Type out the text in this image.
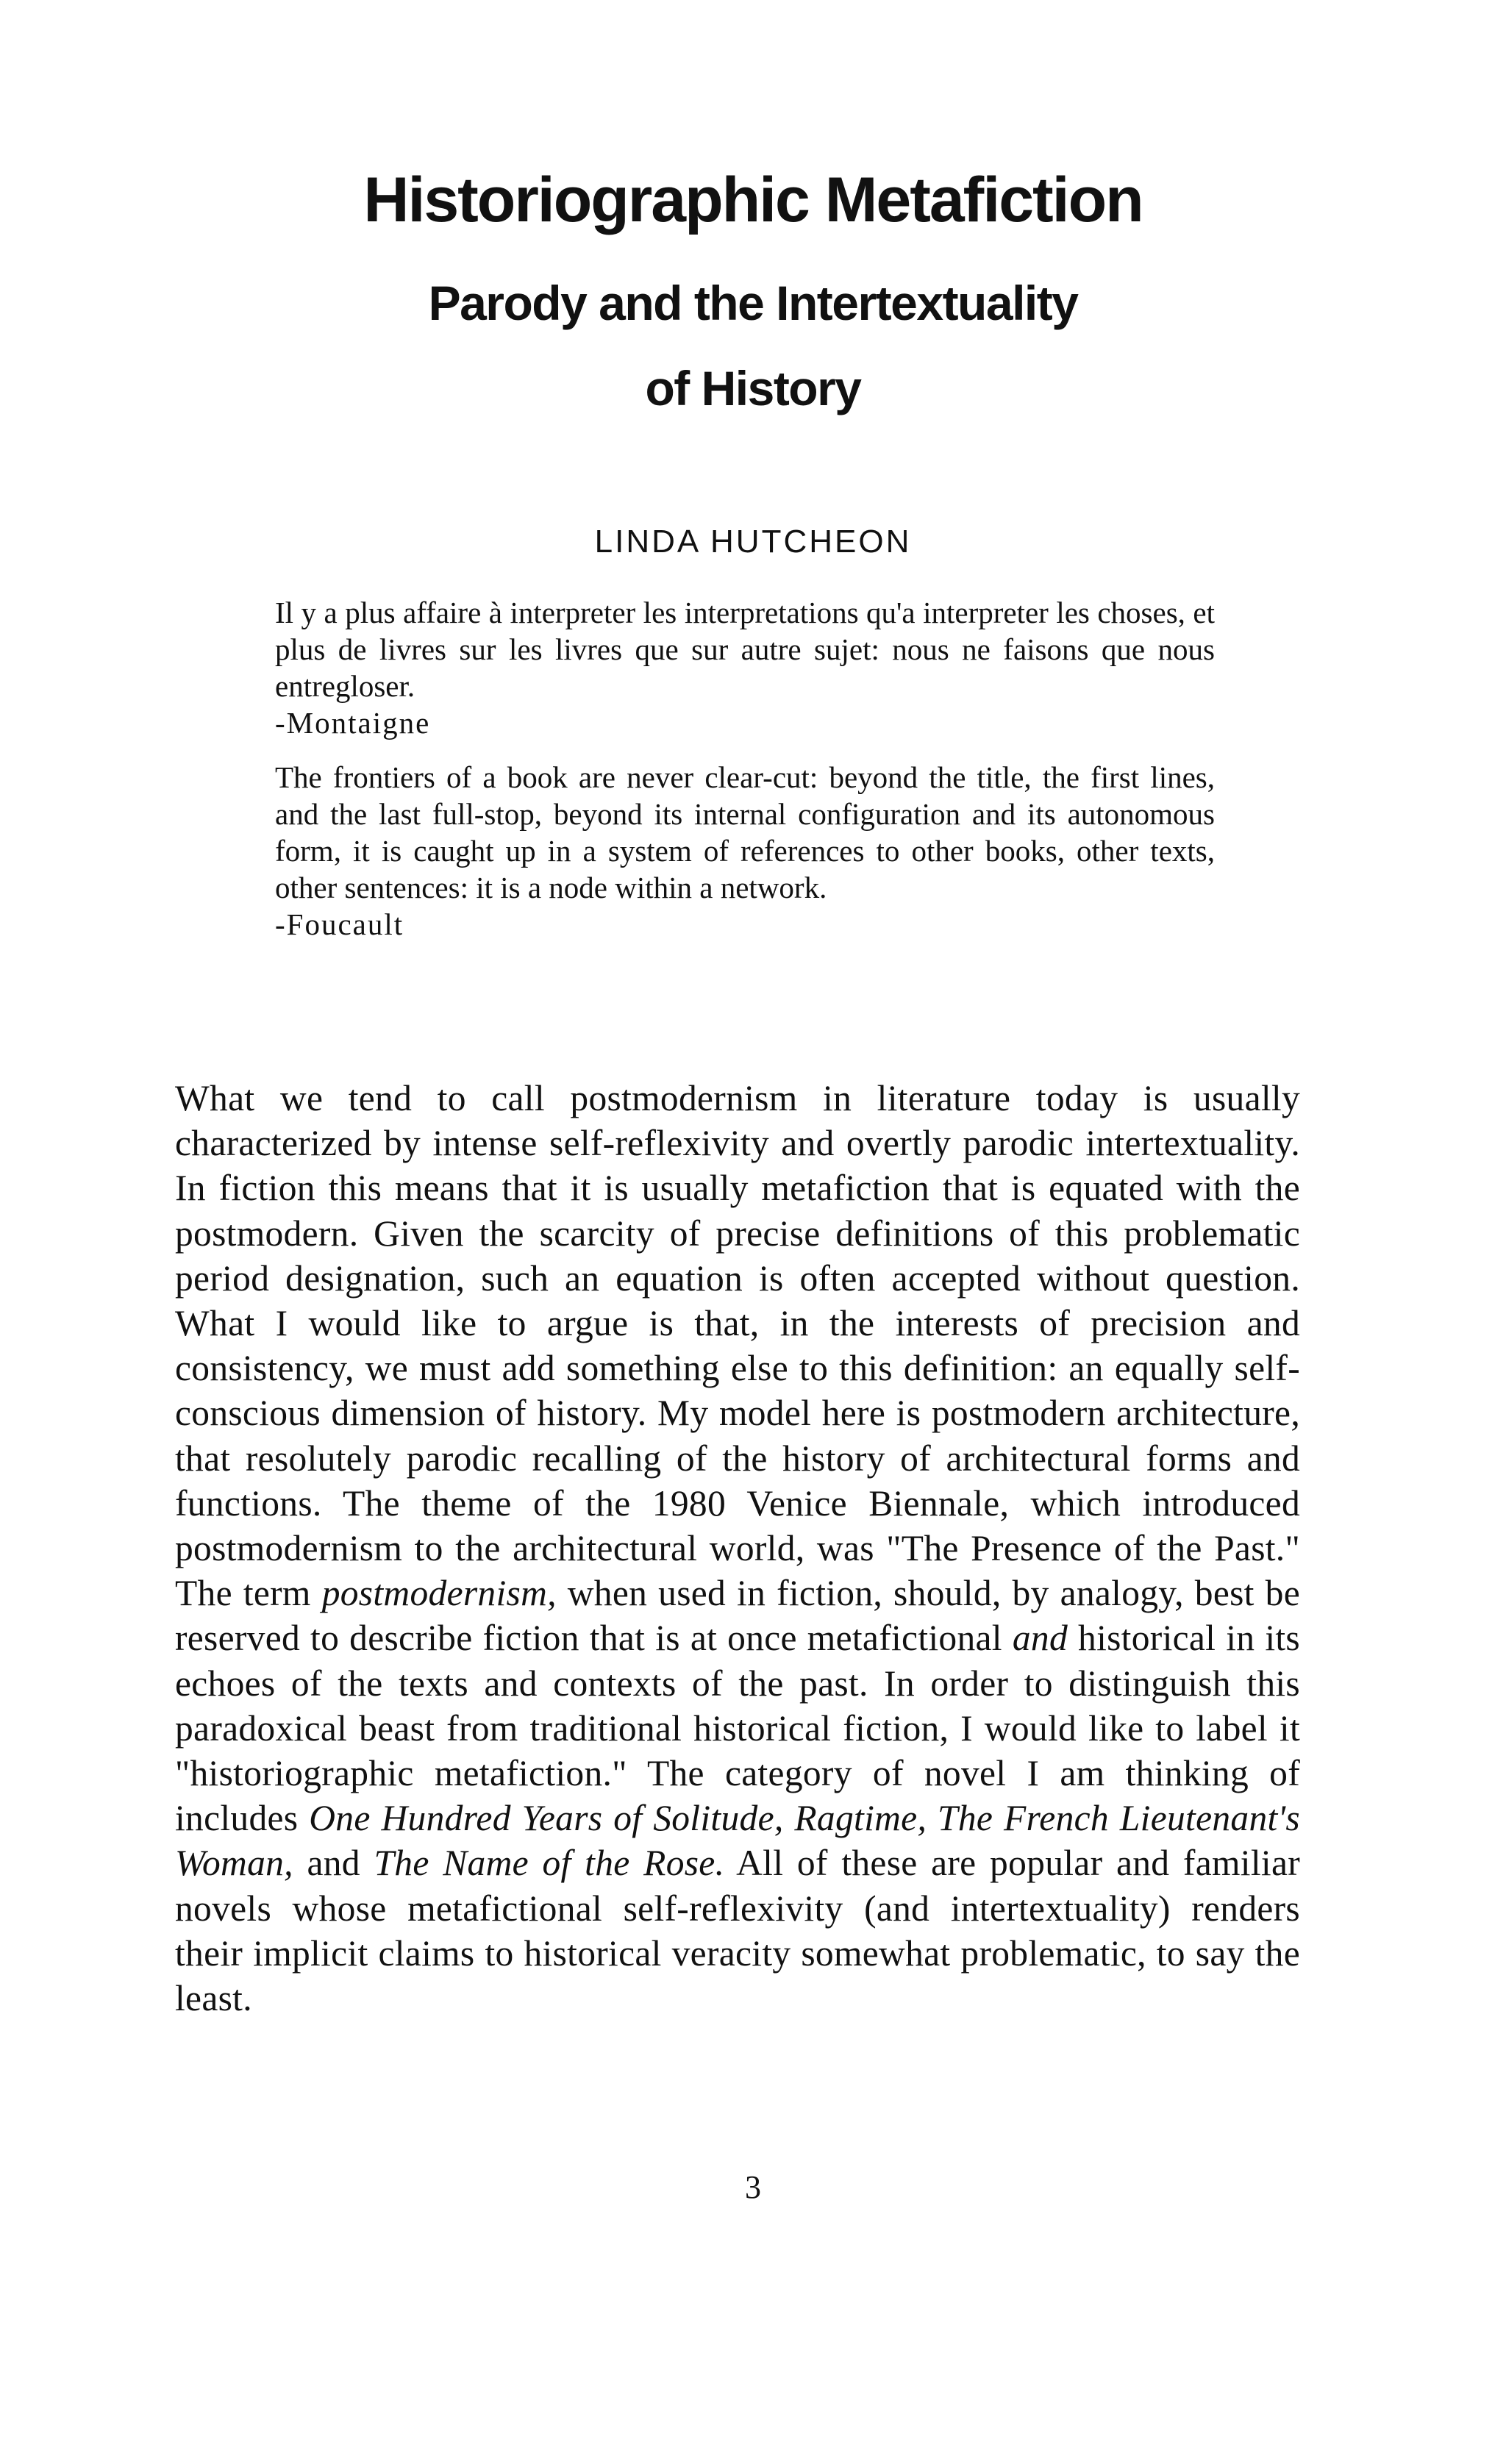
Historiographic Metafiction
Parody and the Intertextuality
of History

LINDA HUTCHEON

Il y a plus affaire à interpreter les interpretations qu'a interpreter les choses, et plus de livres sur les livres que sur autre sujet: nous ne faisons que nous entregloser.
-Montaigne
The frontiers of a book are never clear-cut: beyond the title, the first lines, and the last full-stop, beyond its internal configuration and its autonomous form, it is caught up in a system of references to other books, other texts, other sentences: it is a node within a network.
-Foucault

What we tend to call postmodernism in literature today is usually characterized by intense self-reflexivity and overtly parodic intertextuality. In fiction this means that it is usually metafiction that is equated with the postmodern. Given the scarcity of precise definitions of this problematic period designation, such an equation is often accepted without question. What I would like to argue is that, in the interests of precision and consistency, we must add something else to this definition: an equally self-conscious dimension of history. My model here is postmodern architecture, that resolutely parodic recalling of the history of architectural forms and functions. The theme of the 1980 Venice Biennale, which introduced postmodernism to the architectural world, was "The Presence of the Past." The term postmodernism, when used in fiction, should, by analogy, best be reserved to describe fiction that is at once metafictional and historical in its echoes of the texts and contexts of the past. In order to distinguish this paradoxical beast from traditional historical fiction, I would like to label it "historiographic metafiction." The category of novel I am thinking of includes One Hundred Years of Solitude, Ragtime, The French Lieutenant's Woman, and The Name of the Rose. All of these are popular and familiar novels whose metafictional self-reflexivity (and intertextuality) renders their implicit claims to historical veracity somewhat problematic, to say the least.

3
